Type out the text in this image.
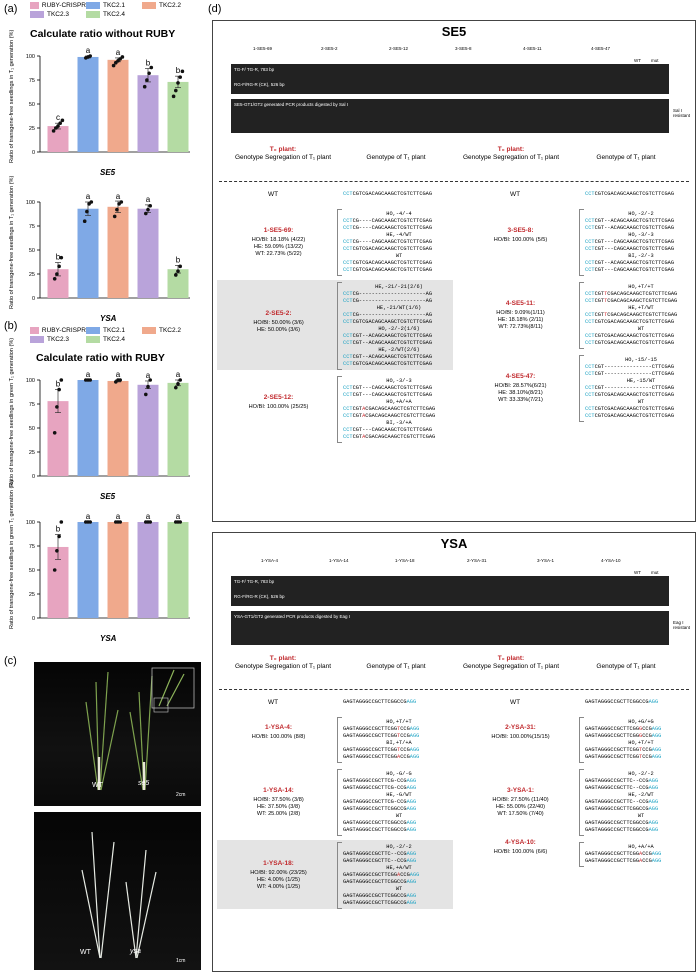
(a)
(b)
(c)
(d)
RUBY-CRISPR	TKC2.1	TKC2.2
TKC2.3	TKC2.4
RUBY-CRISPR	TKC2.1	TKC2.2
TKC2.3	TKC2.4
Calculate ratio without RUBY
Calculate ratio with RUBY
Ratio of transgene-free seedlings in T₁ generation (%)	0
25
50
75
100
c
a	a
b
b
SE5
Ratio of transgene-free seedlings in T₁ generation (%)	0
25
50
75
100
b
a	a	a
b
YSA
Ratio of transgene-free seedlings in green T₁ generation (%)	0
25
50
75
100	b
a	a	a	a
SE5
Ratio of transgene-free seedlings in green T₁ generation (%)	0
25
50
75
100
b
a	a	a	a
YSA
WT	se5
2cm
WT	ysa
1cm
SE5
1-SE5-69	2-SE5-2	2-SE5-12	3-SE5-8	4-SE5-11	4-SE5-47
WT mut
TG-F/ TG-R, 783 bp
RG-F/RG-R (CK), 526 bp
SE5-GT1/GT2 generated PCR products digested by Sal I
Sal I resistant
T₀ plant:
Genotype Segregation of T₁ plant	Genotype of T₁ plant
T₀ plant:
Genotype Segregation of T₁ plant	Genotype of T₁ plant
WT	CCTCGTCGACAGCAAGCTCGTCTTCGAG
1-SE5-69:
HO/BI: 18.18% (4/22)
HE: 59.09% (13/22)
WT: 22.73% (5/22)
HO,-4/-4
CCTCG----CAGCAAGCTCGTCTTCGAG
CCTCG----CAGCAAGCTCGTCTTCGAG
HE,-4/WT
CCTCG----CAGCAAGCTCGTCTTCGAG
CCTCGTCGACAGCAAGCTCGTCTTCGAG
WT
CCTCGTCGACAGCAAGCTCGTCTTCGAG
CCTCGTCGACAGCAAGCTCGTCTTCGAG
2-SE5-2:
HO/BI: 50.00% (3/6)
HE: 50.00% (3/6)
HE,-21/-21(2/6)
CCTCG---------------------AG
CCTCG---------------------AG
HE,-21/WT(1/6)
CCTCG---------------------AG
CCTCGTCGACAGCAAGCTCGTCTTCGAG
HO,-2/-2(1/6)
CCTCGT--ACAGCAAGCTCGTCTTCGAG
CCTCGT--ACAGCAAGCTCGTCTTCGAG
HE,-2/WT(2/6)
CCTCGT--ACAGCAAGCTCGTCTTCGAG
CCTCGTCGACAGCAAGCTCGTCTTCGAG
2-SE5-12:
HO/BI: 100.00% (25/25)
HO,-3/-3
CCTCGT---CAGCAAGCTCGTCTTCGAG
CCTCGT---CAGCAAGCTCGTCTTCGAG
HO,+A/+A
CCTCGTACGACAGCAAGCTCGTCTTCGAG
CCTCGTACGACAGCAAGCTCGTCTTCGAG
BI,-3/+A
CCTCGT---CAGCAAGCTCGTCTTCGAG
CCTCGTACGACAGCAAGCTCGTCTTCGAG
WT	CCTCGTCGACAGCAAGCTCGTCTTCGAG
3-SE5-8:
HO/BI: 100.00% (5/5)
HO,-2/-2
CCTCGT--ACAGCAAGCTCGTCTTCGAG
CCTCGT--ACAGCAAGCTCGTCTTCGAG
HO,-3/-3
CCTCGT---CAGCAAGCTCGTCTTCGAG
CCTCGT---CAGCAAGCTCGTCTTCGAG
BI,-2/-3
CCTCGT--ACAGCAAGCTCGTCTTCGAG
CCTCGT---CAGCAAGCTCGTCTTCGAG
4-SE5-11:
HO/BI: 9.09%(1/11)
HE: 18.18% (2/11)
WT: 72.73%(8/11)
HO,+T/+T
CCTCGTTCGACAGCAAGCTCGTCTTCGAG
CCTCGTTCGACAGCAAGCTCGTCTTCGAG
HE,+T/WT
CCTCGTTCGACAGCAAGCTCGTCTTCGAG
CCTCGTCGACAGCAAGCTCGTCTTCGAG
WT
CCTCGTCGACAGCAAGCTCGTCTTCGAG
CCTCGTCGACAGCAAGCTCGTCTTCGAG
4-SE5-47:
HO/BI: 28.57%(6/21)
HE: 38.10%(8/21)
WT: 33.33%(7/21)
HO,-15/-15
CCTCGT---------------CTTCGAG
CCTCGT---------------CTTCGAG
HE,-15/WT
CCTCGT---------------CTTCGAG
CCTCGTCGACAGCAAGCTCGTCTTCGAG
WT
CCTCGTCGACAGCAAGCTCGTCTTCGAG
CCTCGTCGACAGCAAGCTCGTCTTCGAG
YSA
1-YSA-4	1-YSA-14	1-YSA-18	2-YSA-31	3-YSA-1	4-YSA-10
WT mut
TG-F/ TG-R, 783 bp
RG-F/RG-R (CK), 526 bp
YSA-GT1/GT2 generated PCR products digested by Eag I
Eag I resistant
T₀ plant:
Genotype Segregation of T₁ plant	Genotype of T₁ plant
T₀ plant:
Genotype Segregation of T₁ plant	Genotype of T₁ plant
WT	GAGTAGGGCCGCTTCGGCCGAGG
1-YSA-4:
HO/BI: 100.00% (8/8)
HO,+T/+T
GAGTAGGGCCGCTTCGGTCCGAGG
GAGTAGGGCCGCTTCGGTCCGAGG
BI,+T/+A
GAGTAGGGCCGCTTCGGTCCGAGG
GAGTAGGGCCGCTTCGGACCGAGG
1-YSA-14:
HO/BI: 37.50% (3/8)
HE: 37.50% (3/8)
WT: 25.00% (2/8)
HO,-G/-G
GAGTAGGGCCGCTTCG-CCGAGG
GAGTAGGGCCGCTTCG-CCGAGG
HE,-G/WT
GAGTAGGGCCGCTTCG-CCGAGG
GAGTAGGGCCGCTTCGGCCGAGG
WT
GAGTAGGGCCGCTTCGGCCGAGG
GAGTAGGGCCGCTTCGGCCGAGG
1-YSA-18:
HO/BI: 92.00% (23/25)
HE: 4.00% (1/25)
WT: 4.00% (1/25)
HO,-2/-2
GAGTAGGGCCGCTTC--CCGAGG
GAGTAGGGCCGCTTC--CCGAGG
HE,+A/WT
GAGTAGGGCCGCTTCGGACCGAGG
GAGTAGGGCCGCTTCGGCCGAGG
WT
GAGTAGGGCCGCTTCGGCCGAGG
GAGTAGGGCCGCTTCGGCCGAGG
WT	GAGTAGGGCCGCTTCGGCCGAGG
2-YSA-31:
HO/BI: 100.00%(15/15)
HO,+G/+G
GAGTAGGGCCGCTTCGGGCCGAGG
GAGTAGGGCCGCTTCGGGCCGAGG
HO,+T/+T
GAGTAGGGCCGCTTCGGTCCGAGG
GAGTAGGGCCGCTTCGGTCCGAGG
3-YSA-1:
HO/BI: 27.50% (11/40)
HE: 55.00% (22/40)
WT: 17.50% (7/40)
HO,-2/-2
GAGTAGGGCCGCTTC--CCGAGG
GAGTAGGGCCGCTTC--CCGAGG
HE,-2/WT
GAGTAGGGCCGCTTC--CCGAGG
GAGTAGGGCCGCTTCGGCCGAGG
WT
GAGTAGGGCCGCTTCGGCCGAGG
GAGTAGGGCCGCTTCGGCCGAGG
4-YSA-10:
HO/BI: 100.00% (6/6)
HO,+A/+A
GAGTAGGGCCGCTTCGGACCGAGG
GAGTAGGGCCGCTTCGGACCGAGG
